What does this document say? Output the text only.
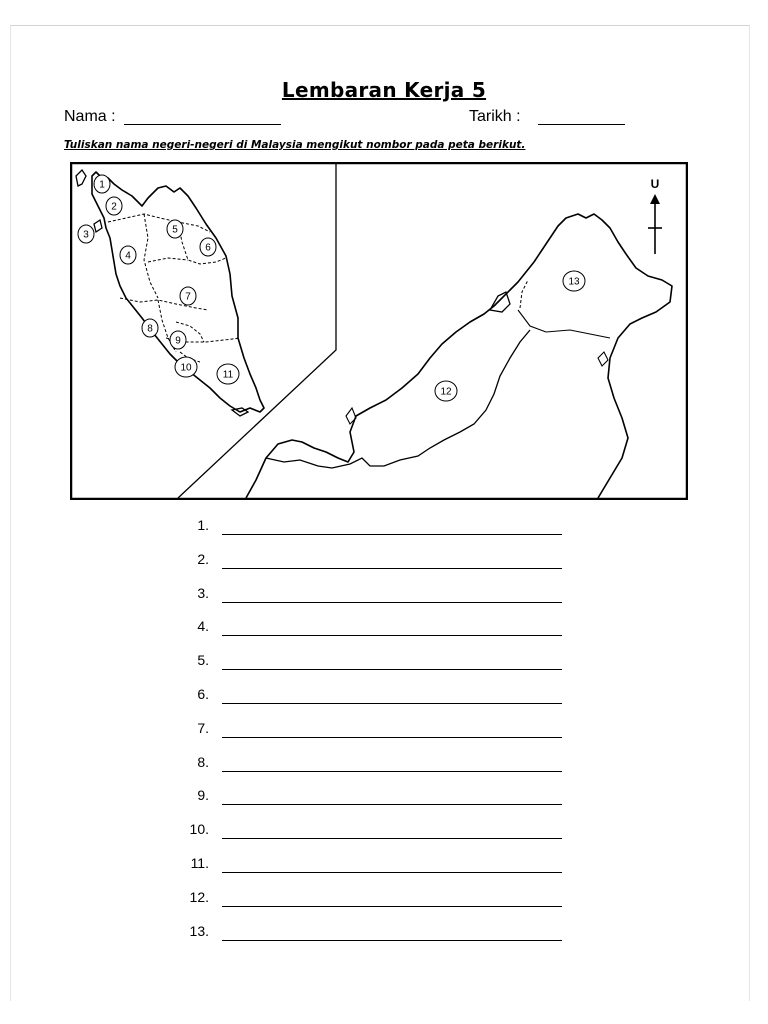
Lembaran Kerja 5
Nama :	Tarikh :
Tuliskan nama negeri-negeri di Malaysia mengikut nombor pada peta berikut.
U
1
2
3
4
5
6
7
8
9
10
11
12
13
1.
2.
3.
4.
5.
6.
7.
8.
9.
10.
11.
12.
13.
